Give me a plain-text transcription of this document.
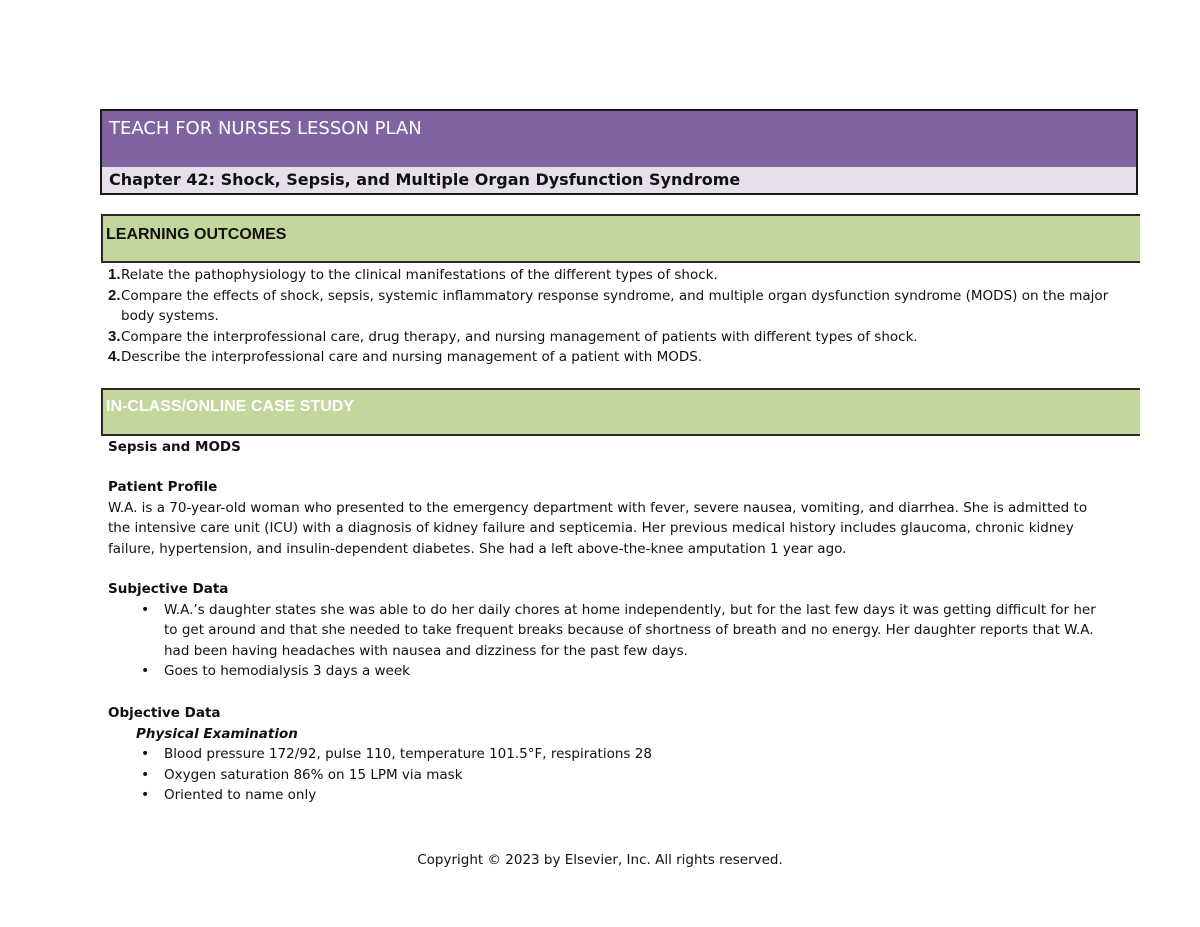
TEACH FOR NURSES LESSON PLAN
Chapter 42: Shock, Sepsis, and Multiple Organ Dysfunction Syndrome
LEARNING OUTCOMES
1. Relate the pathophysiology to the clinical manifestations of the different types of shock.
2. Compare the effects of shock, sepsis, systemic inflammatory response syndrome, and multiple organ dysfunction syndrome (MODS) on the major body systems.
3. Compare the interprofessional care, drug therapy, and nursing management of patients with different types of shock.
4. Describe the interprofessional care and nursing management of a patient with MODS.
IN-CLASS/ONLINE CASE STUDY
Sepsis and MODS
Patient Profile
W.A. is a 70-year-old woman who presented to the emergency department with fever, severe nausea, vomiting, and diarrhea. She is admitted to the intensive care unit (ICU) with a diagnosis of kidney failure and septicemia. Her previous medical history includes glaucoma, chronic kidney failure, hypertension, and insulin-dependent diabetes. She had a left above-the-knee amputation 1 year ago.
Subjective Data
• W.A.’s daughter states she was able to do her daily chores at home independently, but for the last few days it was getting difficult for her to get around and that she needed to take frequent breaks because of shortness of breath and no energy. Her daughter reports that W.A. had been having headaches with nausea and dizziness for the past few days.
• Goes to hemodialysis 3 days a week
Objective Data
Physical Examination
• Blood pressure 172/92, pulse 110, temperature 101.5°F, respirations 28
• Oxygen saturation 86% on 15 LPM via mask
• Oriented to name only
Copyright © 2023 by Elsevier, Inc. All rights reserved.
